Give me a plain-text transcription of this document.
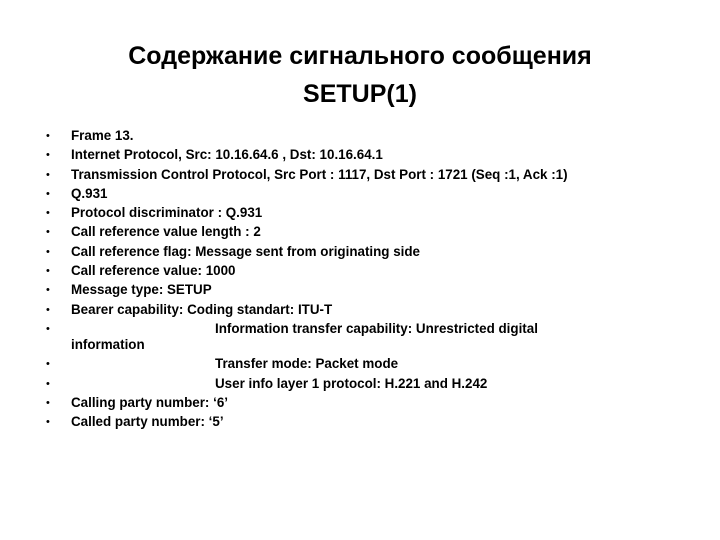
Содержание сигнального сообщения
SETUP(1)
• Frame 13.
• Internet Protocol, Src: 10.16.64.6 , Dst: 10.16.64.1
• Transmission Control Protocol, Src Port : 1117, Dst Port : 1721 (Seq :1, Ack :1)
• Q.931
• Protocol discriminator : Q.931
• Call reference value length : 2
• Call reference flag: Message sent from originating side
• Call reference value: 1000
• Message type: SETUP
• Bearer capability: Coding standart: ITU-T
•	Information transfer capability: Unrestricted digital
information
•	Transfer mode: Packet mode
•	User info layer 1 protocol: H.221 and H.242
• Calling party number: ‘6’
• Called party number: ‘5’
